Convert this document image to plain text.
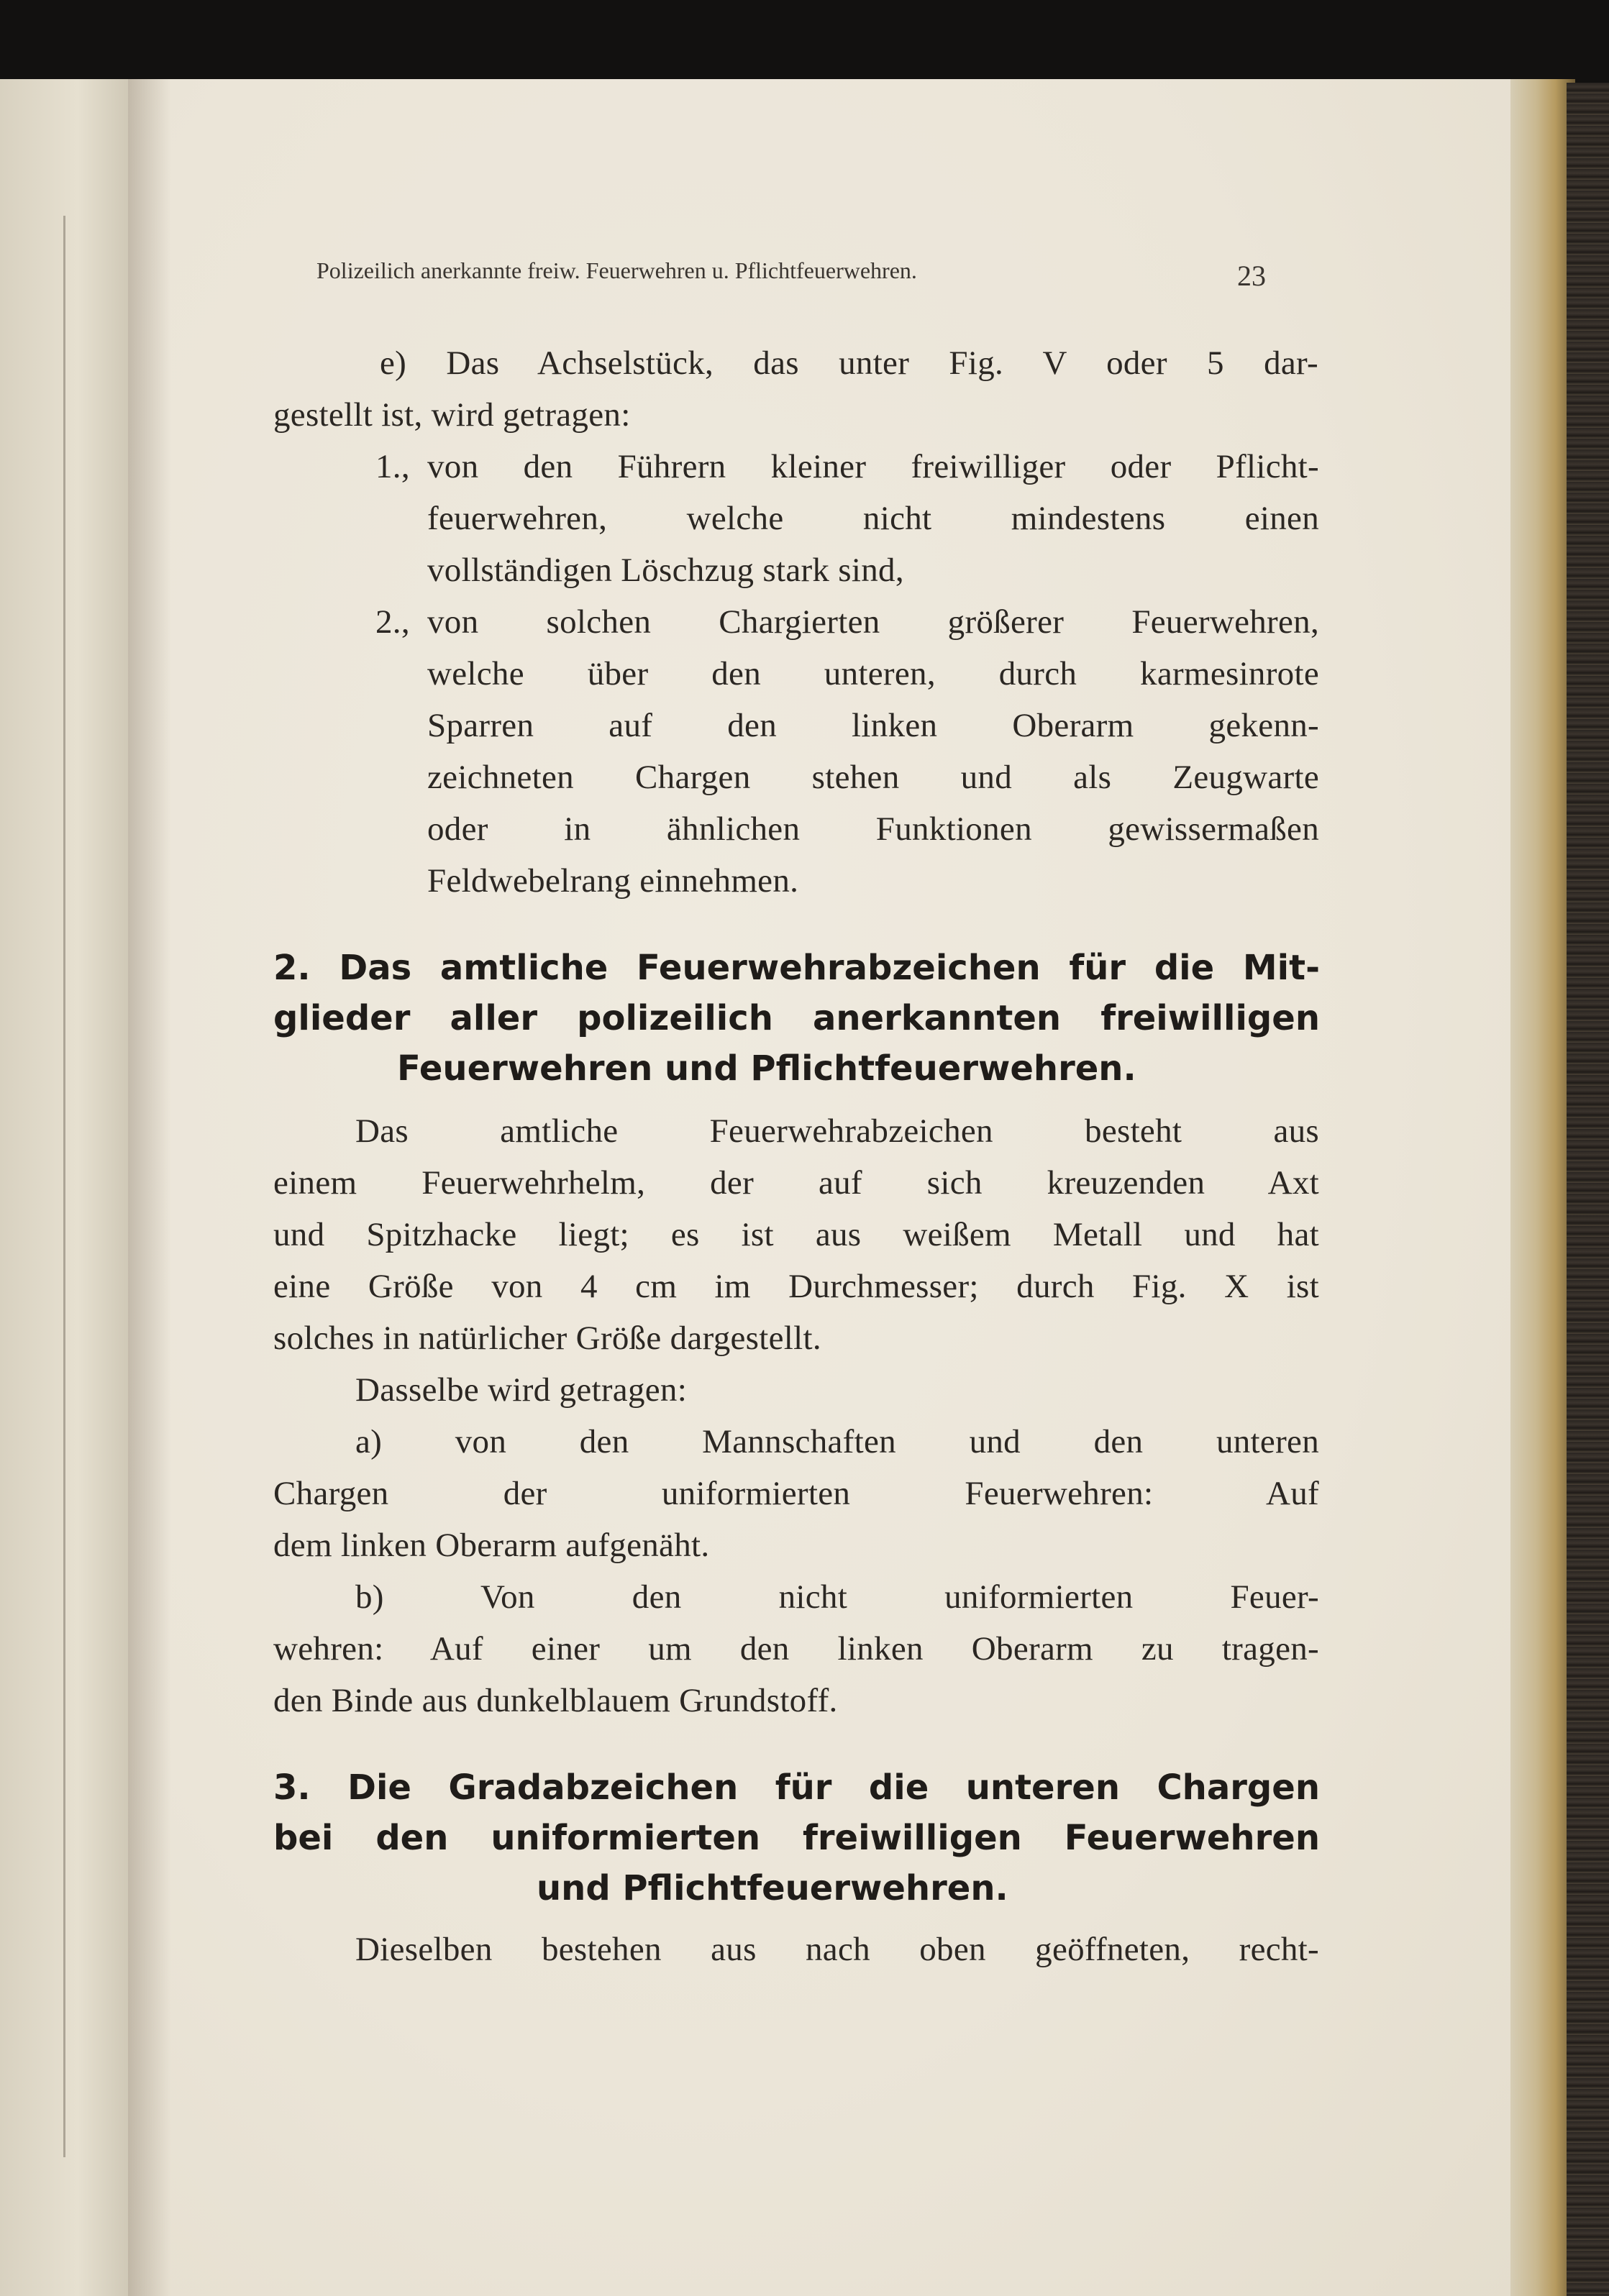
Polizeilich anerkannte freiw. Feuerwehren u. Pflichtfeuerwehren.	23
e) Das Achselstück, das unter Fig. V oder 5 dar-
gestellt ist, wird getragen:
1., von den Führern kleiner freiwilliger oder Pflicht-
feuerwehren, welche nicht mindestens einen
vollständigen Löschzug stark sind,
2., von solchen Chargierten größerer Feuerwehren,
welche über den unteren, durch karmesinrote
Sparren auf den linken Oberarm gekenn-
zeichneten Chargen stehen und als Zeugwarte
oder in ähnlichen Funktionen gewissermaßen
Feldwebelrang einnehmen.
2. Das amtliche Feuerwehrabzeichen für die Mit-
glieder aller polizeilich anerkannten freiwilligen
Feuerwehren und Pflichtfeuerwehren.
Das amtliche Feuerwehrabzeichen besteht aus
einem Feuerwehrhelm, der auf sich kreuzenden Axt
und Spitzhacke liegt; es ist aus weißem Metall und hat
eine Größe von 4 cm im Durchmesser; durch Fig. X ist
solches in natürlicher Größe dargestellt.
Dasselbe wird getragen:
a) von den Mannschaften und den unteren
Chargen der uniformierten Feuerwehren: Auf
dem linken Oberarm aufgenäht.
b) Von den nicht uniformierten Feuer-
wehren: Auf einer um den linken Oberarm zu tragen-
den Binde aus dunkelblauem Grundstoff.
3. Die Gradabzeichen für die unteren Chargen
bei den uniformierten freiwilligen Feuerwehren
und Pflichtfeuerwehren.
Dieselben bestehen aus nach oben geöffneten, recht-
